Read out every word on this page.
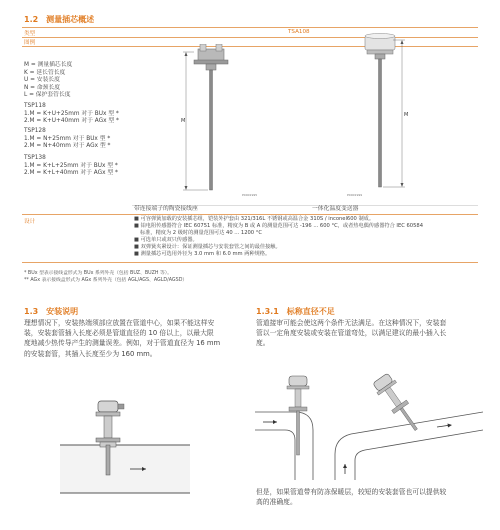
1.2 测量插芯概述
类型	TSA108
图例
M = 测量插芯长度
K = 延长管长度
U = 安装长度
N = 命颈长度
L = 保护套管长度
TSP118
1.M = K+U+25mm 对于 BUx 型 *
2.M = K+U+40mm 对于 AGx 型 *
TSP128
1.M = N+25mm 对于 BUx 型 *
2.M = N+40mm 对于 AGx 型 *
TSP138
1.M = K+L+25mm 对于 BUx 型 *
2.M = K+L+40mm 对于 AGx 型 *
M
P0001995
M
P0001999
带连接端子的陶瓷接线座	一体化温度变送器
设计	■ 可容弹簧加载的安装插芯组，铠装外护套由 321/316L 不锈钢或高温合金 310S / inconel600 制成。
■ 铂电阻传感器符合 IEC 60751 标准，精度为 B 或 A 的测量范围可达 -196 ... 600 °C，或者热电偶传感器符合 IEC 60584
标准，精度为 2 级时的测量范围可达 40 ... 1200 °C
■ 可选单只或双只传感器。
■ 双弹簧夹紧设计：保证测量插芯与安装套管之间的最佳接触。
■ 测量插芯可选用外径为 3.0 mm 和 6.0 mm 两种规格。
* BUx 型表示接线盒形式为 BUx 系列外壳（包括 BUZ、BUZH 等）。
** AGx 表示接线盒形式为 AGx 系列外壳（包括 AGL/AGS、AGLD/AGSD）
1.3 安装说明
理想情况下，安装热端须部应放置在管道中心，如果不能这样安
装，安装套管插入长度必须是管道直径的 10 倍以上，以最大限
度地减少热传导产生的测量误差。例如，对于管道直径为 16 mm
的安装套管，其插入长度至少为 160 mm。
1.3.1 标称直径不足
管道接审可能会使这两个条件无法满足。在这种情况下，安装套
管以一定角度安装或安装在管道弯处，以满足建议的最小插入长
度。
但是，如果管道带有防冻保暖层，较短的安装套管也可以提供较
高的准确度。
